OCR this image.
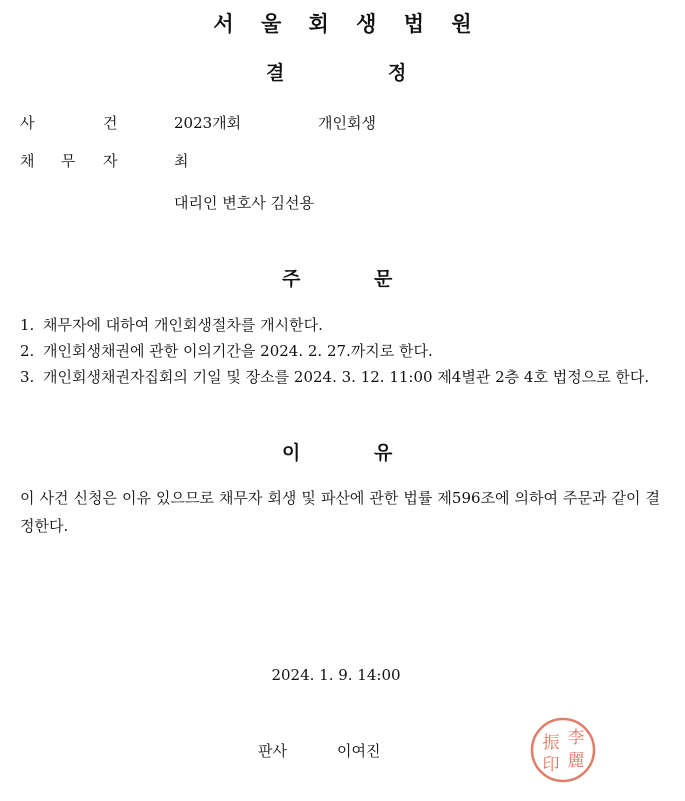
서 울 회 생 법 원
결	정
사	건	2023개회	개인회생
채 무 자	최
대리인 변호사 김선용
주	문
1. 채무자에 대하여 개인회생절차를 개시한다.
2. 개인회생채권에 관한 이의기간을 2024. 2. 27.까지로 한다.
3. 개인회생채권자집회의 기일 및 장소를 2024. 3. 12. 11:00 제4별관 2층 4호 법정으로 한다.
이	유
이 사건 신청은 이유 있으므로 채무자 회생 및 파산에 관한 법률 제596조에 의하여 주문과 같이 결정한다.
2024. 1. 9. 14:00
판사	이여진
李
麗
振
印
